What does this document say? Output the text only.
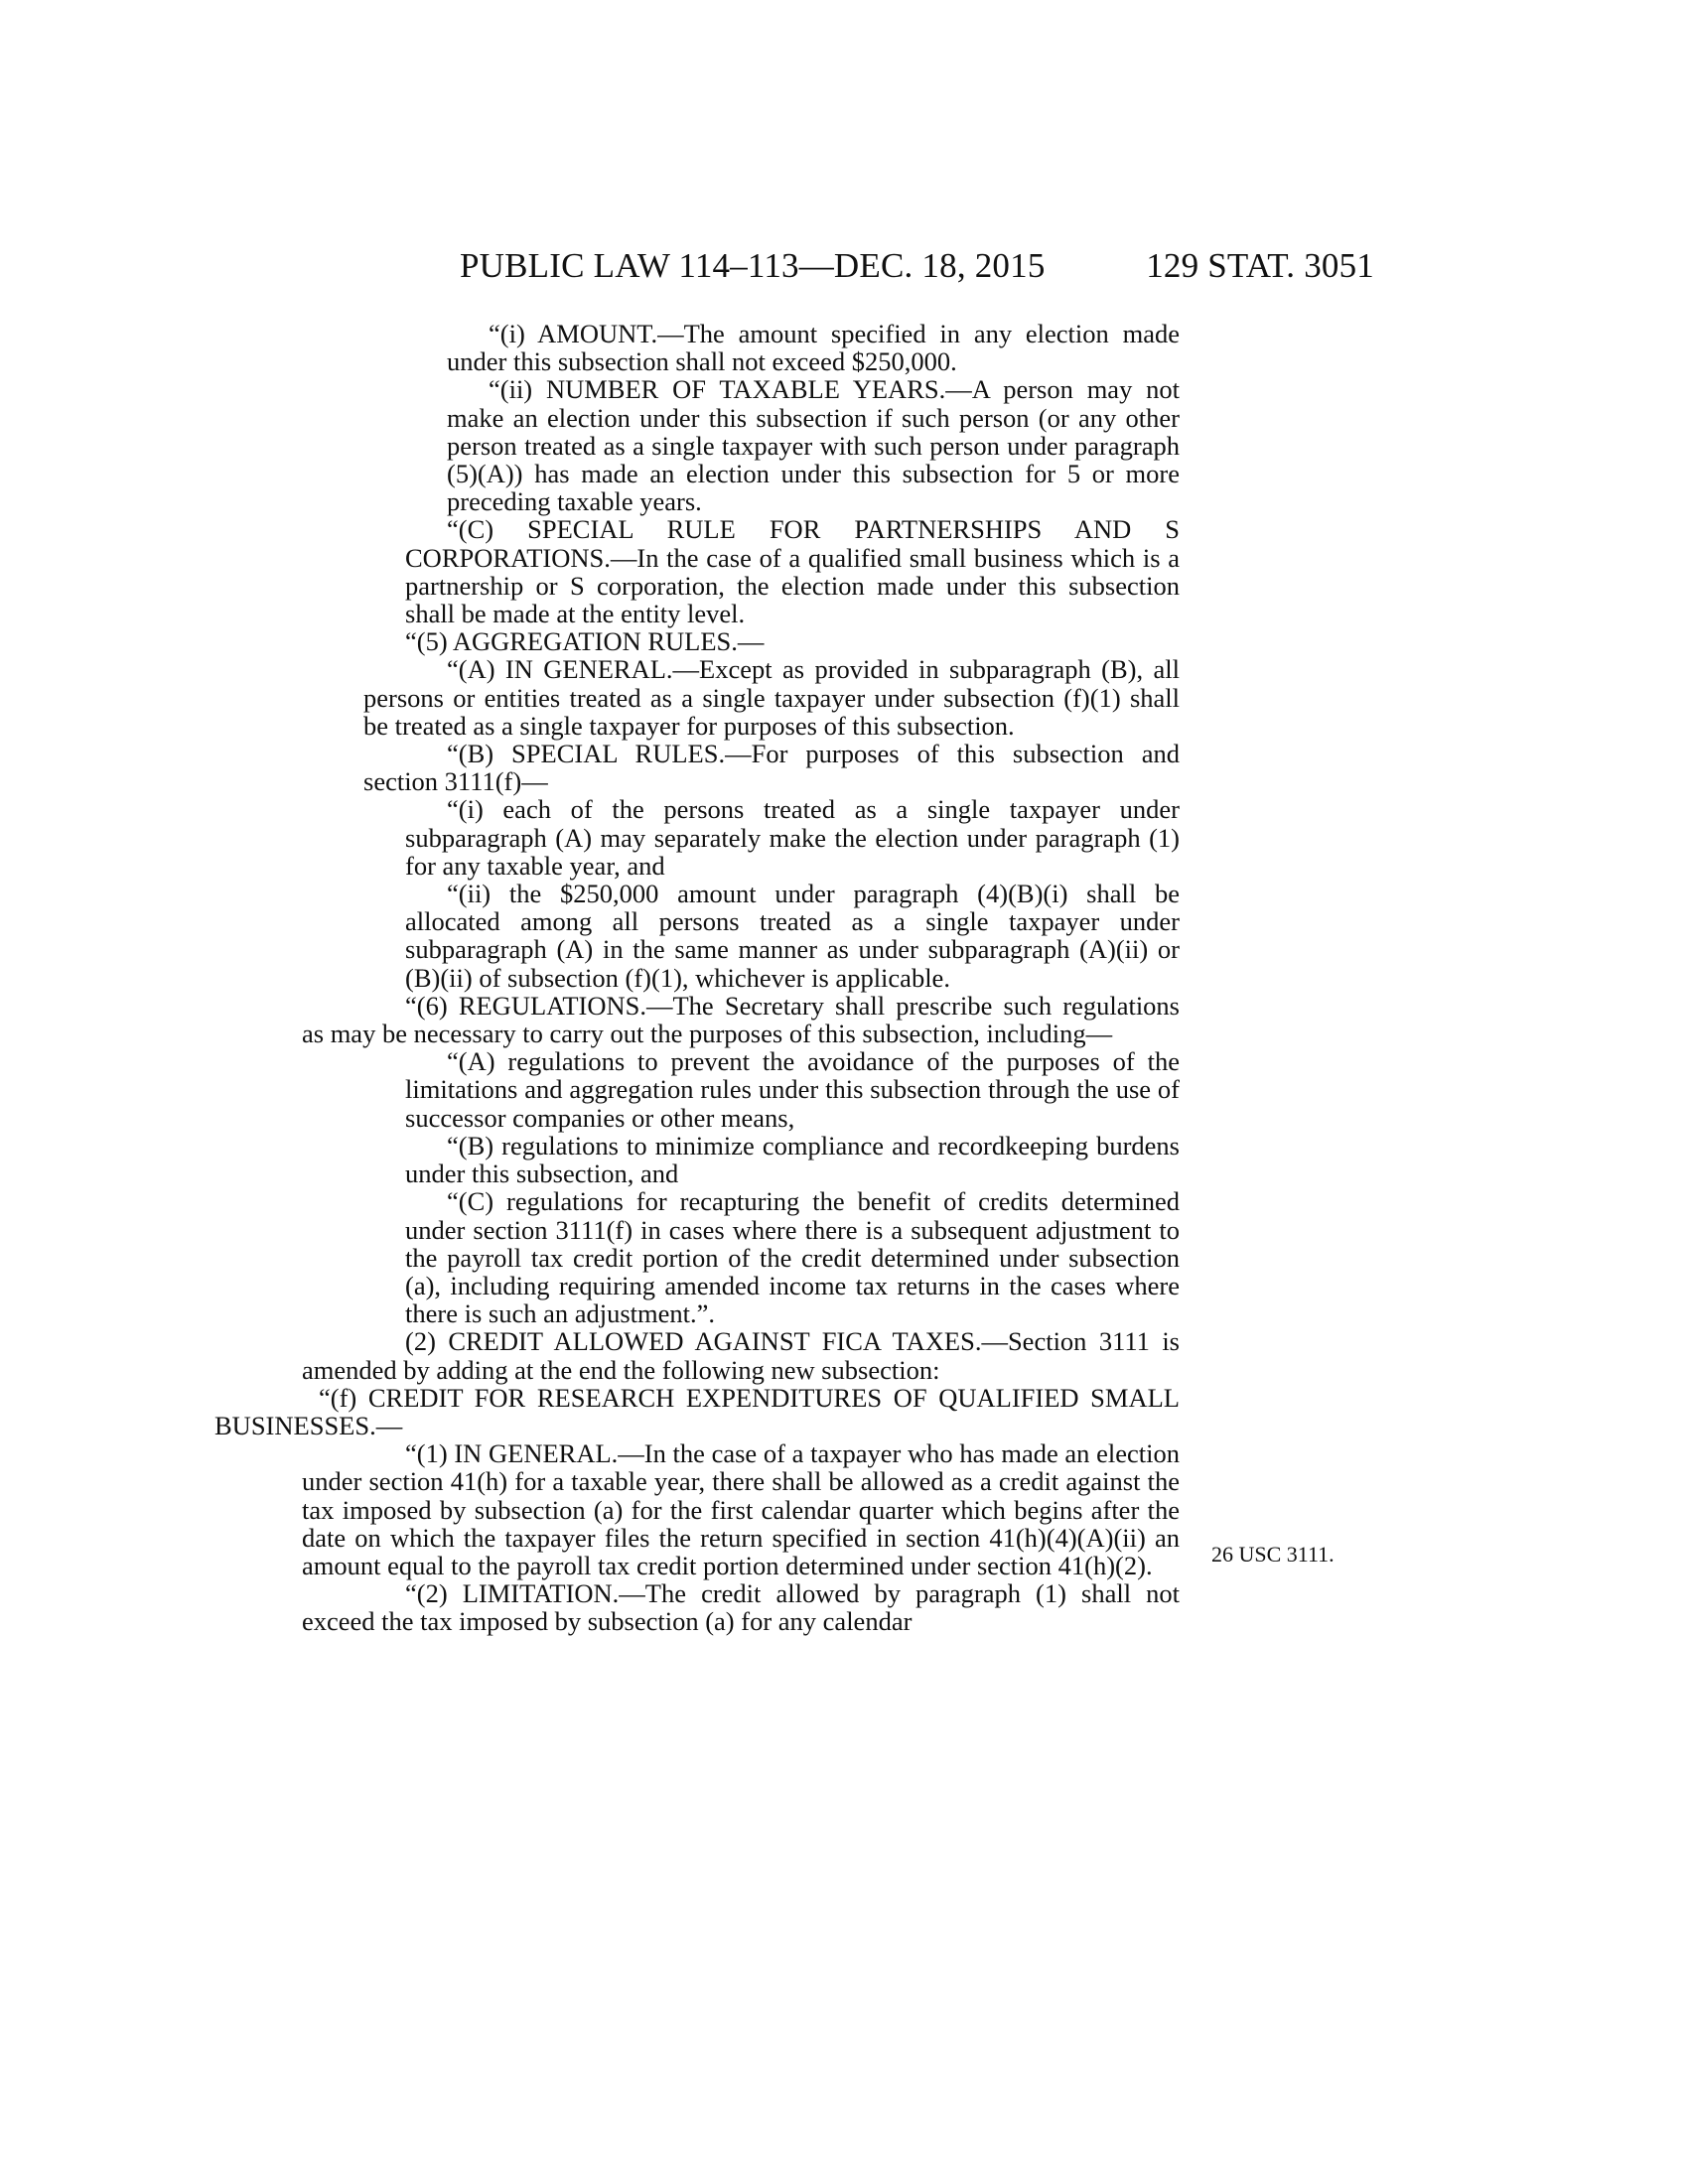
PUBLIC LAW 114–113—DEC. 18, 2015	129 STAT. 3051
26 USC 3111.

“(i) AMOUNT.—The amount specified in any election made under this subsection shall not exceed $250,000.

“(ii) NUMBER OF TAXABLE YEARS.—A person may not make an election under this subsection if such person (or any other person treated as a single taxpayer with such person under paragraph (5)(A)) has made an election under this subsection for 5 or more preceding taxable years.

“(C) SPECIAL RULE FOR PARTNERSHIPS AND S CORPORATIONS.—In the case of a qualified small business which is a partnership or S corporation, the election made under this subsection shall be made at the entity level.

“(5) AGGREGATION RULES.—

“(A) IN GENERAL.—Except as provided in subparagraph (B), all persons or entities treated as a single taxpayer under subsection (f)(1) shall be treated as a single taxpayer for purposes of this subsection.

“(B) SPECIAL RULES.—For purposes of this subsection and section 3111(f)—

“(i) each of the persons treated as a single taxpayer under subparagraph (A) may separately make the election under paragraph (1) for any taxable year, and

“(ii) the $250,000 amount under paragraph (4)(B)(i) shall be allocated among all persons treated as a single taxpayer under subparagraph (A) in the same manner as under subparagraph (A)(ii) or (B)(ii) of subsection (f)(1), whichever is applicable.

“(6) REGULATIONS.—The Secretary shall prescribe such regulations as may be necessary to carry out the purposes of this subsection, including—

“(A) regulations to prevent the avoidance of the purposes of the limitations and aggregation rules under this subsection through the use of successor companies or other means,

“(B) regulations to minimize compliance and recordkeeping burdens under this subsection, and

“(C) regulations for recapturing the benefit of credits determined under section 3111(f) in cases where there is a subsequent adjustment to the payroll tax credit portion of the credit determined under subsection (a), including requiring amended income tax returns in the cases where there is such an adjustment.”.

(2) CREDIT ALLOWED AGAINST FICA TAXES.—Section 3111 is amended by adding at the end the following new subsection:

“(f) CREDIT FOR RESEARCH EXPENDITURES OF QUALIFIED SMALL BUSINESSES.—

“(1) IN GENERAL.—In the case of a taxpayer who has made an election under section 41(h) for a taxable year, there shall be allowed as a credit against the tax imposed by subsection (a) for the first calendar quarter which begins after the date on which the taxpayer files the return specified in section 41(h)(4)(A)(ii) an amount equal to the payroll tax credit portion determined under section 41(h)(2).

“(2) LIMITATION.—The credit allowed by paragraph (1) shall not exceed the tax imposed by subsection (a) for any calendar
